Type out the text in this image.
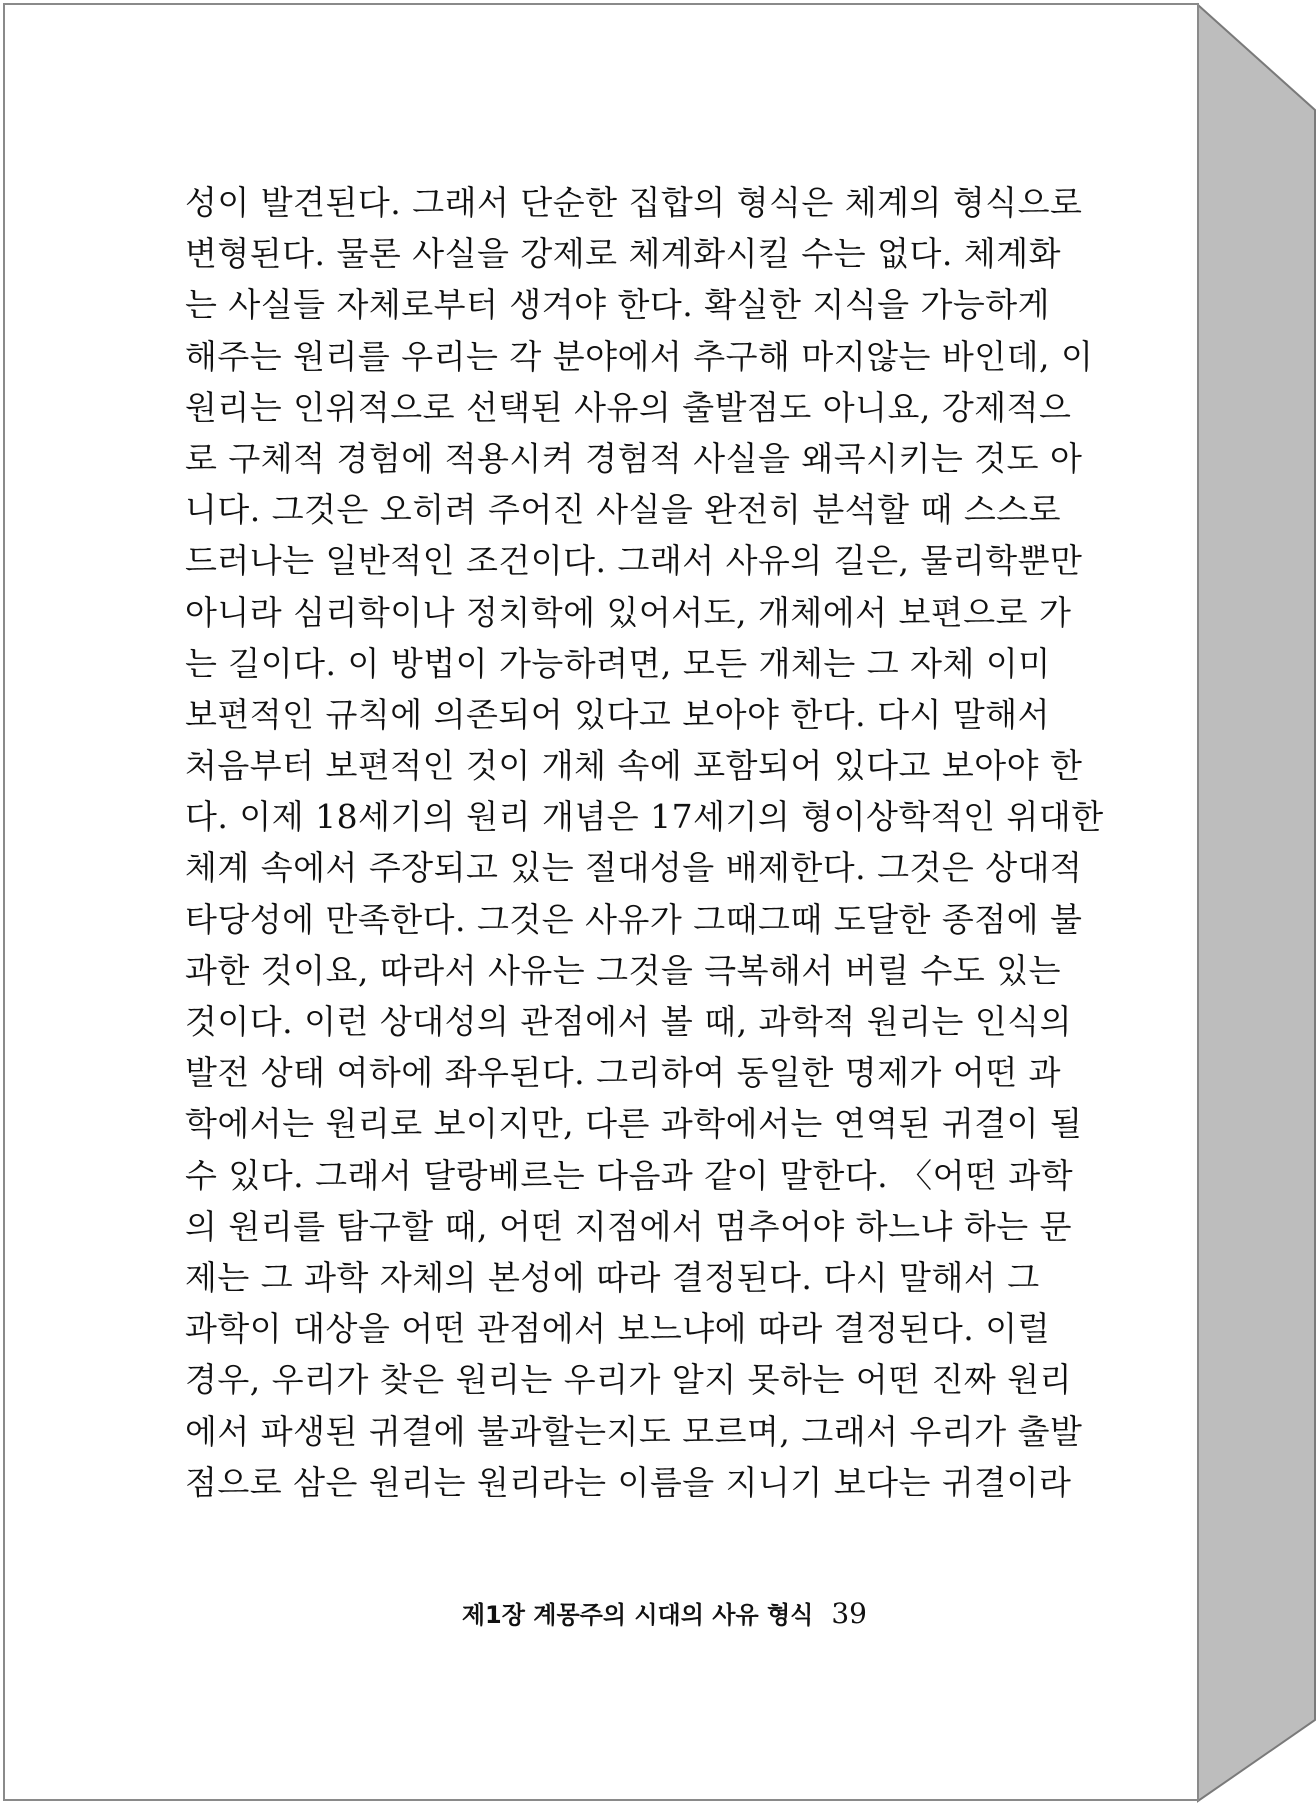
성이 발견된다. 그래서 단순한 집합의 형식은 체계의 형식으로
변형된다. 물론 사실을 강제로 체계화시킬 수는 없다. 체계화
는 사실들 자체로부터 생겨야 한다. 확실한 지식을 가능하게
해주는 원리를 우리는 각 분야에서 추구해 마지않는 바인데, 이
원리는 인위적으로 선택된 사유의 출발점도 아니요, 강제적으
로 구체적 경험에 적용시켜 경험적 사실을 왜곡시키는 것도 아
니다. 그것은 오히려 주어진 사실을 완전히 분석할 때 스스로
드러나는 일반적인 조건이다. 그래서 사유의 길은, 물리학뿐만
아니라 심리학이나 정치학에 있어서도, 개체에서 보편으로 가
는 길이다. 이 방법이 가능하려면, 모든 개체는 그 자체 이미
보편적인 규칙에 의존되어 있다고 보아야 한다. 다시 말해서
처음부터 보편적인 것이 개체 속에 포함되어 있다고 보아야 한
다. 이제 18세기의 원리 개념은 17세기의 형이상학적인 위대한
체계 속에서 주장되고 있는 절대성을 배제한다. 그것은 상대적
타당성에 만족한다. 그것은 사유가 그때그때 도달한 종점에 불
과한 것이요, 따라서 사유는 그것을 극복해서 버릴 수도 있는
것이다. 이런 상대성의 관점에서 볼 때, 과학적 원리는 인식의
발전 상태 여하에 좌우된다. 그리하여 동일한 명제가 어떤 과
학에서는 원리로 보이지만, 다른 과학에서는 연역된 귀결이 될
수 있다. 그래서 달랑베르는 다음과 같이 말한다. 〈어떤 과학
의 원리를 탐구할 때, 어떤 지점에서 멈추어야 하느냐 하는 문
제는 그 과학 자체의 본성에 따라 결정된다. 다시 말해서 그
과학이 대상을 어떤 관점에서 보느냐에 따라 결정된다. 이럴
경우, 우리가 찾은 원리는 우리가 알지 못하는 어떤 진짜 원리
에서 파생된 귀결에 불과할는지도 모르며, 그래서 우리가 출발
점으로 삼은 원리는 원리라는 이름을 지니기 보다는 귀결이라
제1장 계몽주의 시대의 사유 형식 39
